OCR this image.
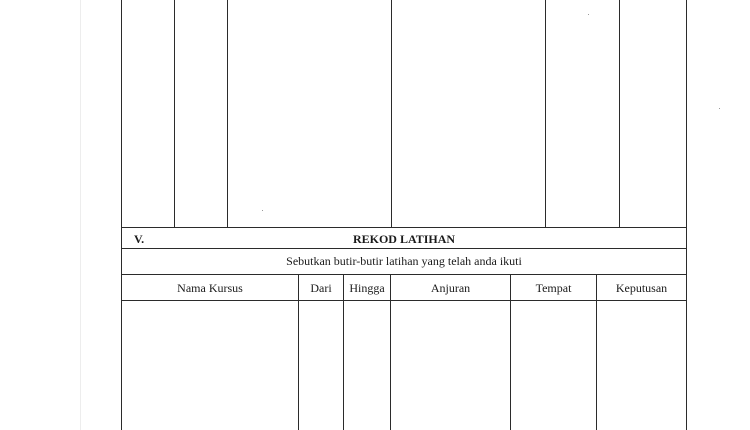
V.	REKOD LATIHAN
Sebutkan butir-butir latihan yang telah anda ikuti
Nama Kursus	Dari	Hingga	Anjuran	Tempat	Keputusan
